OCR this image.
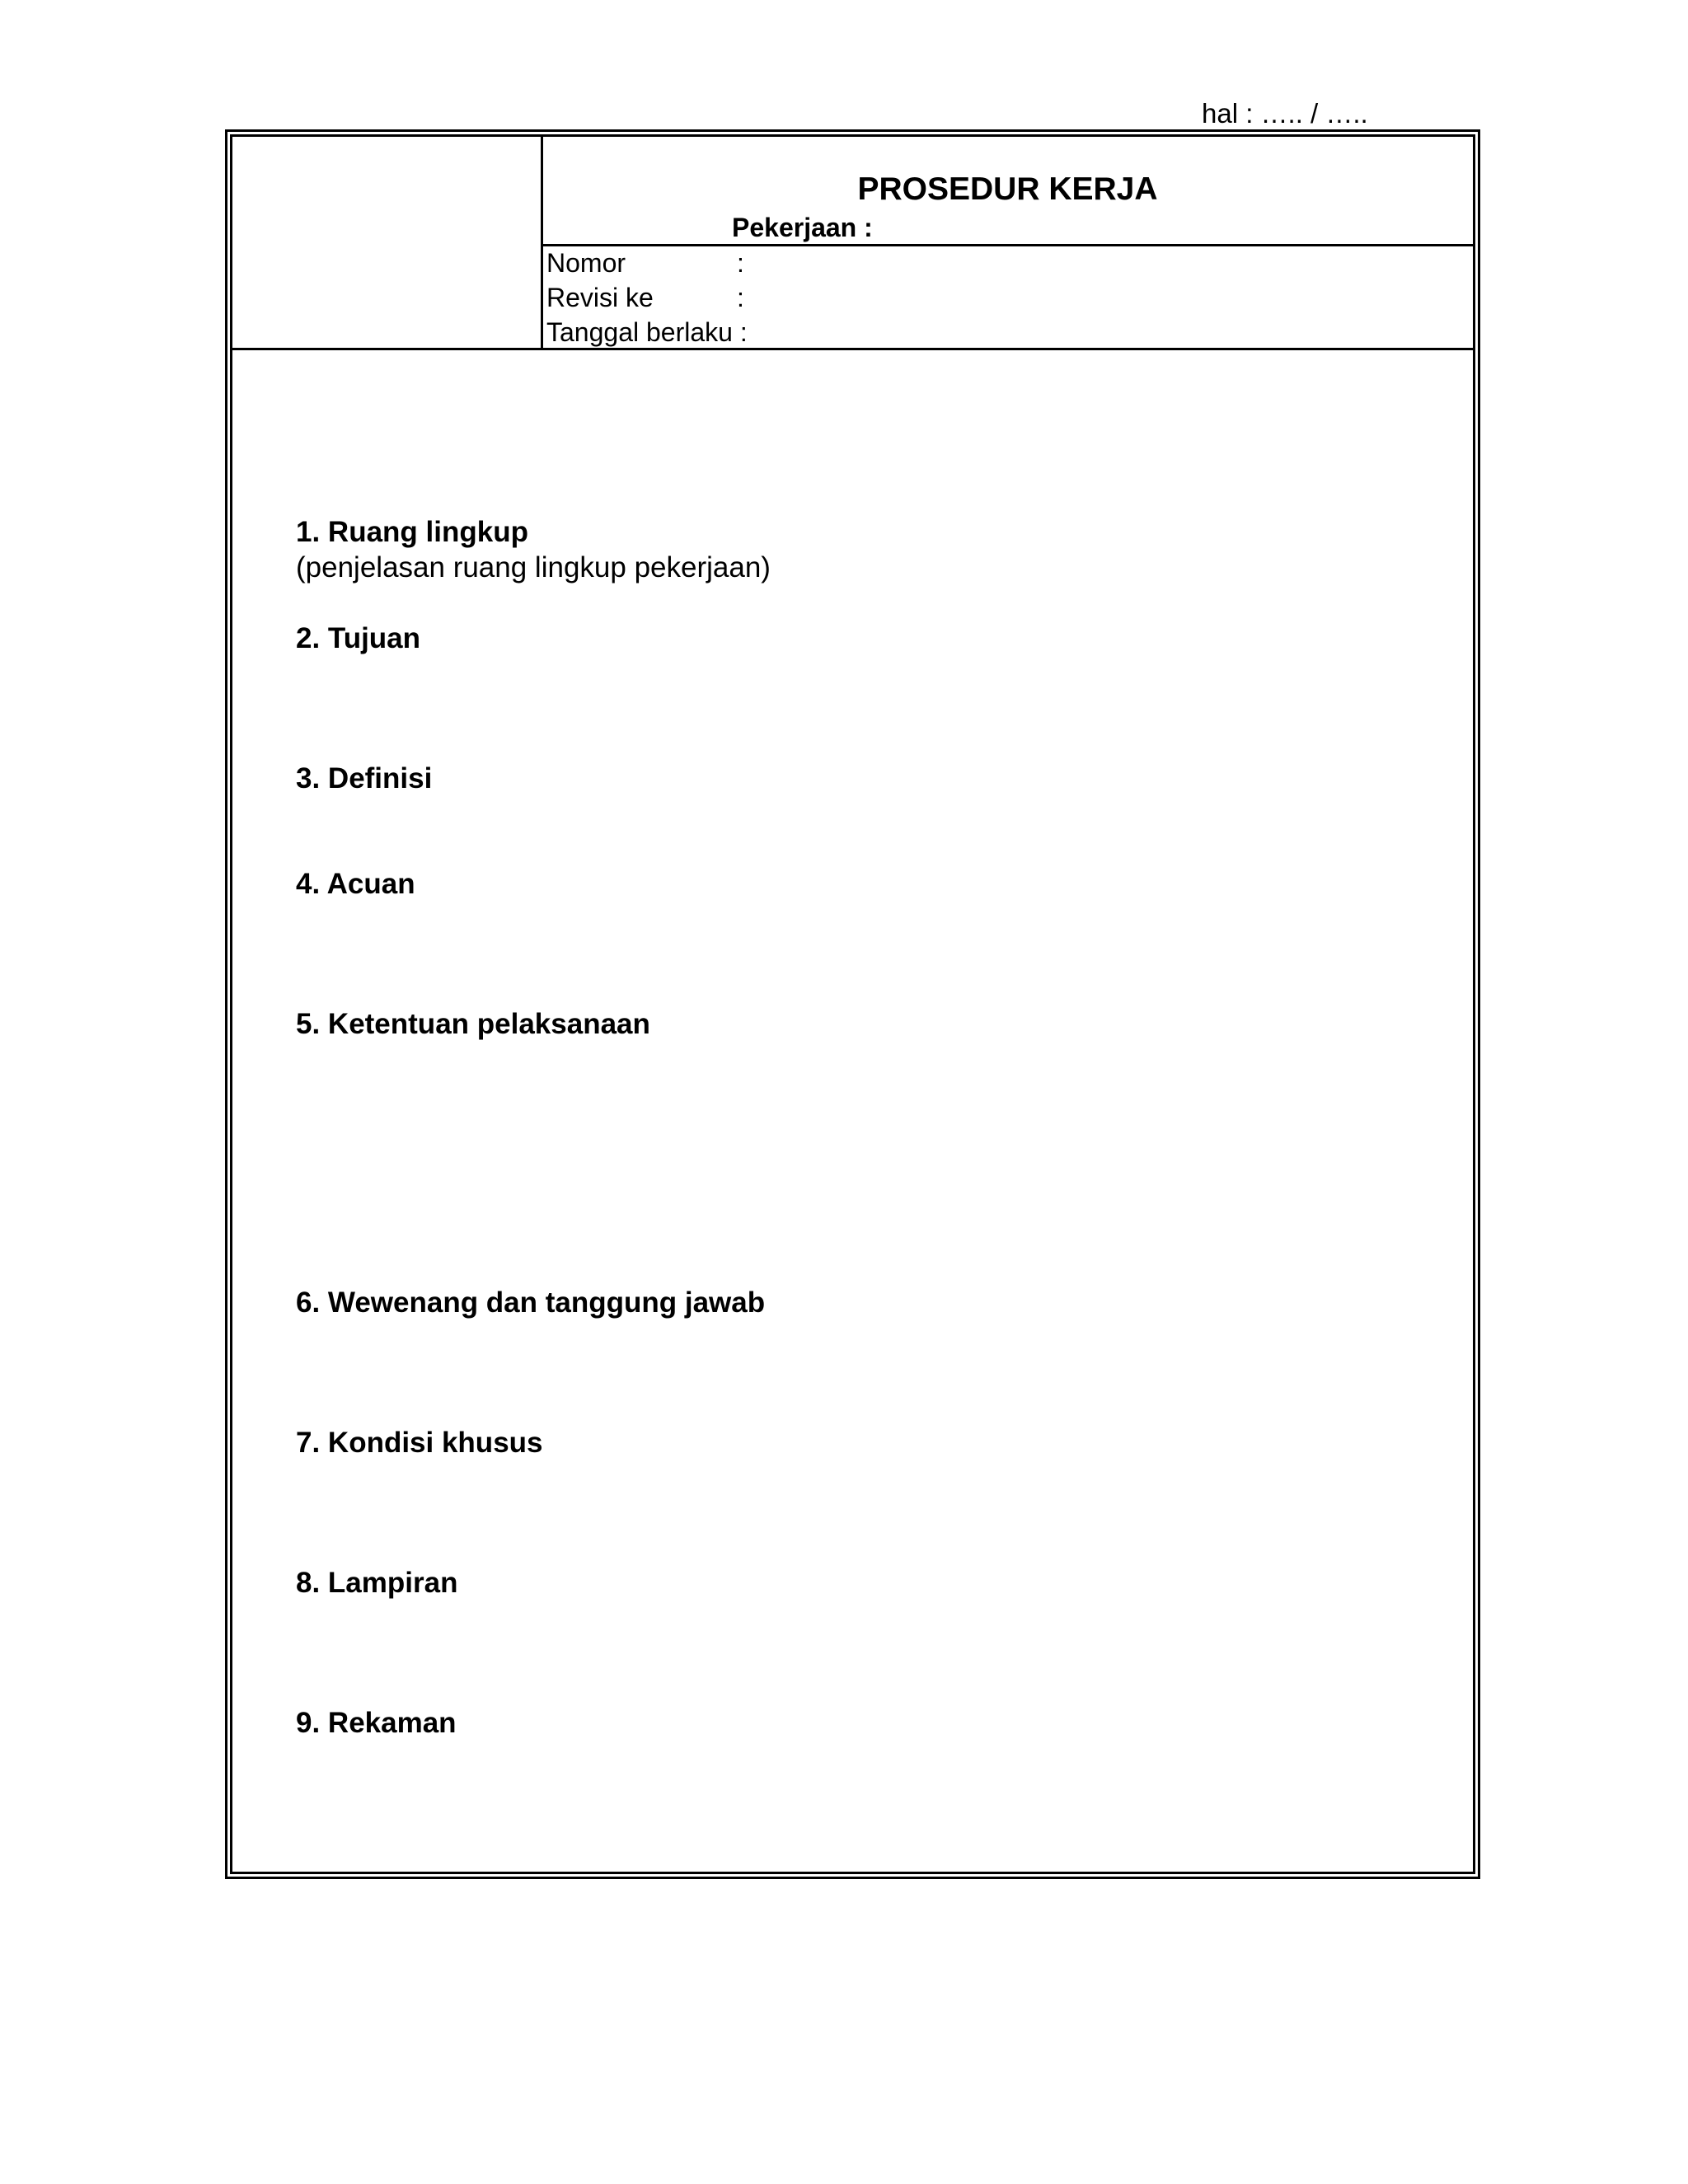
hal : ….. / …..
PROSEDUR KERJA
Pekerjaan :
Nomor	:
Revisi ke	:
Tanggal berlaku :
1. Ruang lingkup
(penjelasan ruang lingkup pekerjaan)
2. Tujuan
3. Definisi
4. Acuan
5. Ketentuan pelaksanaan
6. Wewenang dan tanggung jawab
7. Kondisi khusus
8. Lampiran
9. Rekaman
